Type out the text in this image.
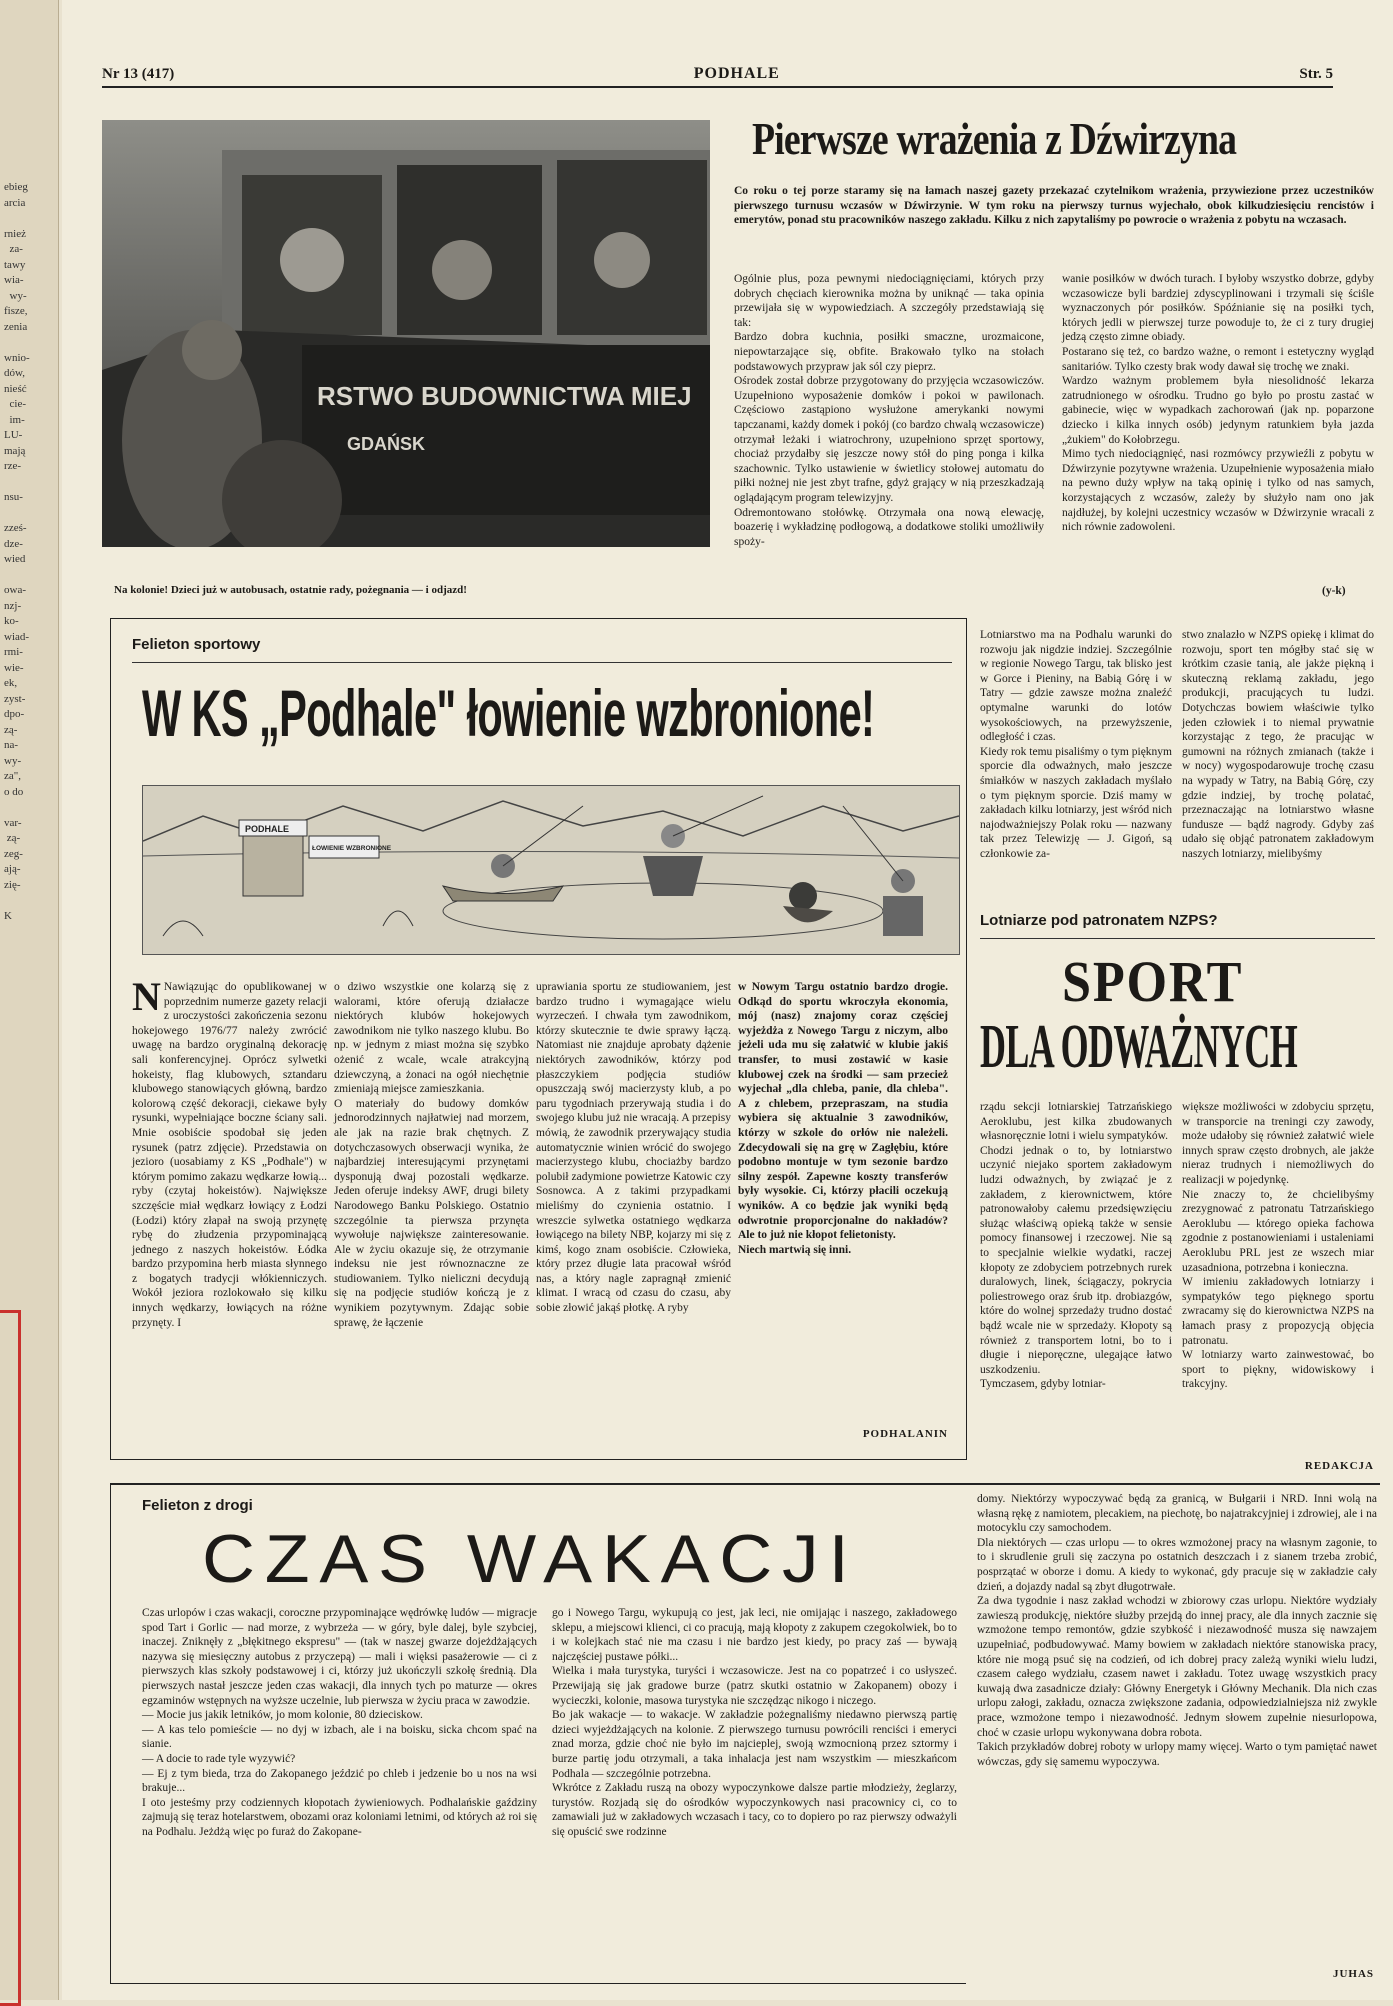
ebieg
arcia

rnież
za-
tawy
wia-
wy-
fisze,
zenia

wnio-
dów,
nieść
cie-
im-
LU-
mają
rze-

nsu-

zześ-
dze-
wied

owa-
nzj-
ko-
wiad-
rmi-
wie-
ek,
zyst-
dpo-
zą-
na-
wy-
za",
o do

var-
zą-
zeg-
ają-
zię-

K
Nr 13 (417)	PODHALE	Str. 5
RSTWO BUDOWNICTWA MIEJ
GDAŃSK
Na kolonie! Dzieci już w autobusach, ostatnie rady, pożegnania — i odjazd!
Pierwsze wrażenia z Dźwirzyna
Co roku o tej porze staramy się na łamach naszej gazety przekazać czytelnikom wrażenia, przywiezione przez uczestników pierwszego turnusu wczasów w Dźwirzynie. W tym roku na pierwszy turnus wyjechało, obok kilkudziesięciu rencistów i emerytów, ponad stu pracowników naszego zakładu. Kilku z nich zapytaliśmy po powrocie o wrażenia z pobytu na wczasach.
Ogólnie plus, poza pewnymi niedociągnięciami, których przy dobrych chęciach kierownika można by uniknąć — taka opinia przewijała się w wypowiedziach. A szczegóły przedstawiają się tak:
Bardzo dobra kuchnia, posiłki smaczne, urozmaicone, niepowtarzające się, obfite. Brakowało tylko na stołach podstawowych przypraw jak sól czy pieprz.
Ośrodek został dobrze przygotowany do przyjęcia wczasowiczów. Uzupełniono wyposażenie domków i pokoi w pawilonach. Częściowo zastąpiono wysłużone amerykanki nowymi tapczanami, każdy domek i pokój (co bardzo chwalą wczasowicze) otrzymał leżaki i wiatrochrony, uzupełniono sprzęt sportowy, chociaż przydałby się jeszcze nowy stół do ping ponga i kilka szachownic. Tylko ustawienie w świetlicy stołowej automatu do piłki nożnej nie jest zbyt trafne, gdyż grający w nią przeszkadzają oglądającym program telewizyjny.
Odremontowano stołówkę. Otrzymała ona nową elewację, boazerię i wykładzinę podłogową, a dodatkowe stoliki umożliwiły spoży-
wanie posiłków w dwóch turach. I byłoby wszystko dobrze, gdyby wczasowicze byli bardziej zdyscyplinowani i trzymali się ściśle wyznaczonych pór posiłków. Spóźnianie się na posiłki tych, których jedli w pierwszej turze powoduje to, że ci z tury drugiej jedzą często zimne obiady.
Postarano się też, co bardzo ważne, o remont i estetyczny wygląd sanitariów. Tylko czesty brak wody dawał się trochę we znaki.
Wardzo ważnym problemem była niesolidność lekarza zatrudnionego w ośrodku. Trudno go było po prostu zastać w gabinecie, więc w wypadkach zachorowań (jak np. poparzone dziecko i kilka innych osób) jedynym ratunkiem była jazda „żukiem" do Kołobrzegu.
Mimo tych niedociągnięć, nasi rozmówcy przywieźli z pobytu w Dźwirzynie pozytywne wrażenia. Uzupełnienie wyposażenia miało na pewno duży wpływ na taką opinię i tylko od nas samych, korzystających z wczasów, zależy by służyło nam ono jak najdłużej, by kolejni uczestnicy wczasów w Dźwirzynie wracali z nich równie zadowoleni.
(y-k)
Felieton sportowy
W KS „Podhale" łowienie wzbronione!
PODHALE
ŁOWIENIE WZBRONIONE
N Nawiązując do opublikowanej w poprzednim numerze gazety relacji z uroczystości zakończenia sezonu hokejowego 1976/77 należy zwrócić uwagę na bardzo oryginalną dekorację sali konferencyjnej. Oprócz sylwetki hokeisty, flag klubowych, sztandaru klubowego stanowiących główną, bardzo kolorową część dekoracji, ciekawe były rysunki, wypełniające boczne ściany sali. Mnie osobiście spodobał się jeden rysunek (patrz zdjęcie). Przedstawia on jezioro (uosabiamy z KS „Podhale") w którym pomimo zakazu wędkarze łowią... ryby (czytaj hokeistów). Największe szczęście miał wędkarz łowiący z Łodzi (Łodzi) który złapał na swoją przynętę rybę do złudzenia przypominającą jednego z naszych hokeistów. Łódka bardzo przypomina herb miasta słynnego z bogatych tradycji włókienniczych. Wokół jeziora rozlokowało się kilku innych wędkarzy, łowiących na różne przynęty. I
o dziwo wszystkie one kolarzą się z walorami, które oferują działacze niektórych klubów hokejowych zawodnikom nie tylko naszego klubu. Bo np. w jednym z miast można się szybko ożenić z wcale, wcale atrakcyjną dziewczyną, a żonaci na ogół niechętnie zmieniają miejsce zamieszkania.
O materiały do budowy domków jednorodzinnych najłatwiej nad morzem, ale jak na razie brak chętnych. Z dotychczasowych obserwacji wynika, że najbardziej interesującymi przynętami dysponują dwaj pozostali wędkarze. Jeden oferuje indeksy AWF, drugi bilety Narodowego Banku Polskiego. Ostatnio szczególnie ta pierwsza przynęta wywołuje największe zainteresowanie. Ale w życiu okazuje się, że otrzymanie indeksu nie jest równoznaczne ze studiowaniem. Tylko nieliczni decydują się na podjęcie studiów kończą je z wynikiem pozytywnym. Zdając sobie sprawę, że łączenie
uprawiania sportu ze studiowaniem, jest bardzo trudno i wymagające wielu wyrzeczeń. I chwała tym zawodnikom, którzy skutecznie te dwie sprawy łączą. Natomiast nie znajduje aprobaty dążenie niektórych zawodników, którzy pod płaszczykiem podjęcia studiów opuszczają swój macierzysty klub, a po paru tygodniach przerywają studia i do swojego klubu już nie wracają. A przepisy mówią, że zawodnik przerywający studia automatycznie winien wrócić do swojego macierzystego klubu, chociażby bardzo polubił zadymione powietrze Katowic czy Sosnowca. A z takimi przypadkami mieliśmy do czynienia ostatnio. I wreszcie sylwetka ostatniego wędkarza łowiącego na bilety NBP, kojarzy mi się z kimś, kogo znam osobiście. Człowieka, który przez długie lata pracował wśród nas, a który nagle zapragnął zmienić klimat. I wracą od czasu do czasu, aby sobie złowić jakąś płotkę. A ryby
w Nowym Targu ostatnio bardzo drogie. Odkąd do sportu wkroczyła ekonomia, mój (nasz) znajomy coraz częściej wyjeżdża z Nowego Targu z niczym, albo jeżeli uda mu się załatwić w klubie jakiś transfer, to musi zostawić w kasie klubowej czek na środki — sam przecież wyjechał „dla chleba, panie, dla chleba". A z chlebem, przepraszam, na studia wybiera się aktualnie 3 zawodników, którzy w szkole do orłów nie należeli. Zdecydowali się na grę w Zagłębiu, które podobno montuje w tym sezonie bardzo silny zespół. Zapewne koszty transferów były wysokie. Ci, którzy płacili oczekują wyników. A co będzie jak wyniki będą odwrotnie proporcjonalne do nakładów? Ale to już nie kłopot felietonisty.
Niech martwią się inni.
PODHALANIN
Lotniarstwo ma na Podhalu warunki do rozwoju jak nigdzie indziej. Szczególnie w regionie Nowego Targu, tak blisko jest w Gorce i Pieniny, na Babią Górę i w Tatry — gdzie zawsze można znaleźć optymalne warunki do lotów wysokościowych, na przewyższenie, odległość i czas.
Kiedy rok temu pisaliśmy o tym pięknym sporcie dla odważnych, mało jeszcze śmiałków w naszych zakładach myślało o tym pięknym sporcie. Dziś mamy w zakładach kilku lotniarzy, jest wśród nich najodważniejszy Polak roku — nazwany tak przez Telewizję — J. Gigoń, są członkowie za-
stwo znalazło w NZPS opiekę i klimat do rozwoju, sport ten mógłby stać się w krótkim czasie tanią, ale jakże piękną i skuteczną reklamą zakładu, jego produkcji, pracujących tu ludzi. Dotychczas bowiem właściwie tylko jeden człowiek i to niemal prywatnie korzystając z tego, że pracując w gumowni na różnych zmianach (także i w nocy) wygospodarowuje trochę czasu na wypady w Tatry, na Babią Górę, czy gdzie indziej, by trochę polatać, przeznaczając na lotniarstwo własne fundusze — bądź nagrody. Gdyby zaś udało się objąć patronatem zakładowym naszych lotniarzy, mielibyśmy
Lotniarze pod patronatem NZPS?
SPORT
DLA ODWAŻNYCH
rządu sekcji lotniarskiej Tatrzańskiego Aeroklubu, jest kilka zbudowanych własnoręcznie lotni i wielu sympatyków.
Chodzi jednak o to, by lotniarstwo uczynić niejako sportem zakładowym ludzi odważnych, by związać je z zakładem, z kierownictwem, które patronowałoby całemu przedsięwzięciu służąc właściwą opieką także w sensie pomocy finansowej i rzeczowej. Nie są to specjalnie wielkie wydatki, raczej kłopoty ze zdobyciem potrzebnych rurek duralowych, linek, ściągaczy, pokrycia poliestrowego oraz śrub itp. drobiazgów, które do wolnej sprzedaży trudno dostać bądź wcale nie w sprzedaży. Kłopoty są również z transportem lotni, bo to i długie i nieporęczne, ulegające łatwo uszkodzeniu.
Tymczasem, gdyby lotniar-
większe możliwości w zdobyciu sprzętu, w transporcie na treningi czy zawody, może udałoby się również załatwić wiele innych spraw często drobnych, ale jakże nieraz trudnych i niemożliwych do realizacji w pojedynkę.
Nie znaczy to, że chcielibyśmy zrezygnować z patronatu Tatrzańskiego Aeroklubu — którego opieka fachowa zgodnie z postanowieniami i ustaleniami Aeroklubu PRL jest ze wszech miar uzasadniona, potrzebna i konieczna.
W imieniu zakładowych lotniarzy i sympatyków tego pięknego sportu zwracamy się do kierownictwa NZPS na łamach prasy z propozycją objęcia patronatu.
W lotniarzy warto zainwestować, bo sport to piękny, widowiskowy i trakcyjny.
REDAKCJA
Felieton z drogi
CZAS WAKACJI
Czas urlopów i czas wakacji, coroczne przypominające wędrówkę ludów — migracje spod Tart i Gorlic — nad morze, z wybrzeża — w góry, byle dalej, byle szybciej, inaczej. Zniknęły z „błękitnego ekspresu" — (tak w naszej gwarze dojeżdżających nazywa się miesięczny autobus z przyczepą) — mali i więksi pasażerowie — ci z pierwszych klas szkoły podstawowej i ci, którzy już ukończyli szkołę średnią. Dla pierwszych nastał jeszcze jeden czas wakacji, dla innych tych po maturze — okres egzaminów wstępnych na wyższe uczelnie, lub pierwsza w życiu praca w zawodzie.
— Mocie jus jakik letników, jo mom kolonie, 80 dzieciskow.
— A kas telo pomieście — no dyj w izbach, ale i na boisku, sicka chcom spać na sianie.
— A docie to rade tyle wyzywić?
— Ej z tym bieda, trza do Zakopanego jeździć po chleb i jedzenie bo u nos na wsi brakuje...
I oto jesteśmy przy codziennych kłopotach żywieniowych. Podhalańskie gaździny zajmują się teraz hotelarstwem, obozami oraz koloniami letnimi, od których aż roi się na Podhalu. Jeżdżą więc po furaż do Zakopane-
go i Nowego Targu, wykupują co jest, jak leci, nie omijając i naszego, zakładowego sklepu, a miejscowi klienci, ci co pracują, mają kłopoty z zakupem czegokolwiek, bo to i w kolejkach stać nie ma czasu i nie bardzo jest kiedy, po pracy zaś — bywają najczęściej pustawe półki...
Wielka i mała turystyka, turyści i wczasowicze. Jest na co popatrzeć i co usłyszeć. Przewijają się jak gradowe burze (patrz skutki ostatnio w Zakopanem) obozy i wycieczki, kolonie, masowa turystyka nie szczędząc nikogo i niczego.
Bo jak wakacje — to wakacje. W zakładzie pożegnaliśmy niedawno pierwszą partię dzieci wyjeżdżających na kolonie. Z pierwszego turnusu powrócili renciści i emeryci znad morza, gdzie choć nie było im najcieplej, swoją wzmocnioną przez sztormy i burze partię jodu otrzymali, a taka inhalacja jest nam wszystkim — mieszkańcom Podhala — szczególnie potrzebna.
Wkrótce z Zakładu ruszą na obozy wypoczynkowe dalsze partie młodzieży, żeglarzy, turystów. Rozjadą się do ośrodków wypoczynkowych nasi pracownicy ci, co to zamawiali już w zakładowych wczasach i tacy, co to dopiero po raz pierwszy odważyli się opuścić swe rodzinne
domy. Niektórzy wypoczywać będą za granicą, w Bułgarii i NRD. Inni wolą na własną rękę z namiotem, plecakiem, na piechotę, bo najatrakcyjniej i zdrowiej, ale i na motocyklu czy samochodem.
Dla niektórych — czas urlopu — to okres wzmożonej pracy na własnym zagonie, to to i skrudlenie gruli się zaczyna po ostatnich deszczach i z sianem trzeba zrobić, posprzątać w oborze i domu. A kiedy to wykonać, gdy pracuje się w zakładzie cały dzień, a dojazdy nadal są zbyt długotrwałe.
Za dwa tygodnie i nasz zakład wchodzi w zbiorowy czas urlopu. Niektóre wydziały zawieszą produkcję, niektóre służby przejdą do innej pracy, ale dla innych zacznie się wzmożone tempo remontów, gdzie szybkość i niezawodność musza się nawzajem uzupełniać, podbudowywać. Mamy bowiem w zakładach niektóre stanowiska pracy, które nie mogą psuć się na codzień, od ich dobrej pracy zależą wyniki wielu ludzi, czasem całego wydziału, czasem nawet i zakładu. Totez uwagę wszystkich pracy kuwają dwa zasadnicze działy: Główny Energetyk i Główny Mechanik. Dla nich czas urlopu załogi, zakładu, oznacza zwiększone zadania, odpowiedzialniejsza niż zwykle prace, wzmożone tempo i niezawodność. Jednym słowem zupełnie niesurlopowa, choć w czasie urlopu wykonywana dobra robota.
Takich przykładów dobrej roboty w urlopy mamy więcej. Warto o tym pamiętać nawet wówczas, gdy się samemu wypoczywa.
JUHAS
